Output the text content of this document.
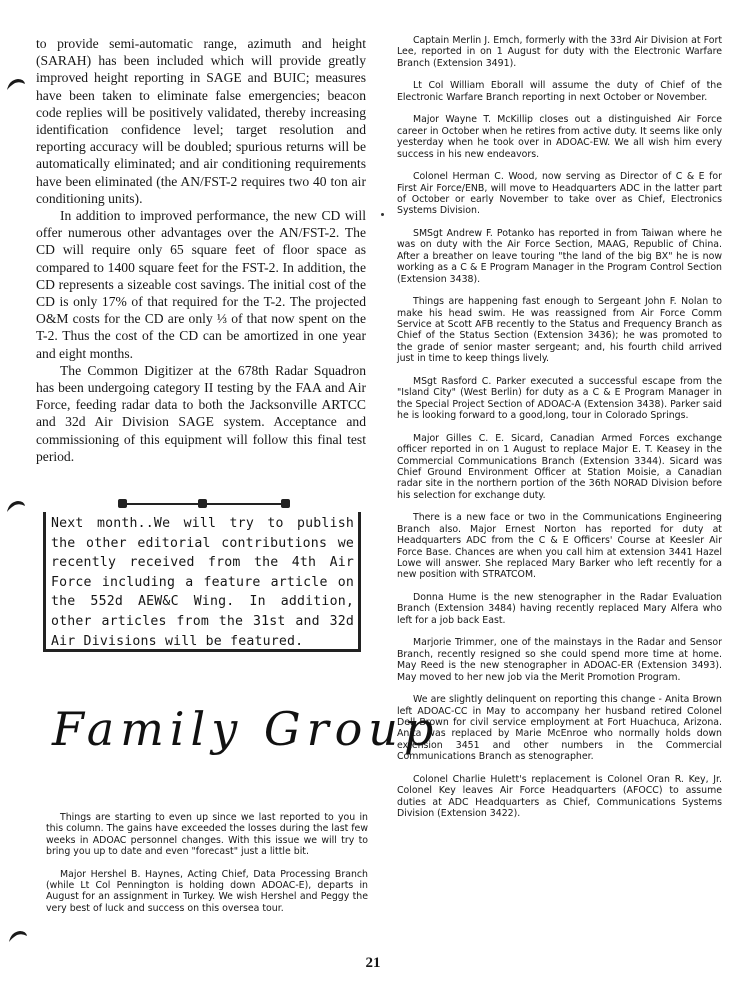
to provide semi-automatic range, azimuth and height (SARAH) has been included which will provide greatly improved height reporting in SAGE and BUIC; measures have been taken to eliminate false emergencies; beacon code replies will be positively validated, thereby increasing identification confidence level; target resolution and reporting accuracy will be doubled; spurious returns will be automatically eliminated; and air conditioning requirements have been eliminated (the AN/FST-2 requires two 40 ton air conditioning units).

In addition to improved performance, the new CD will offer numerous other advantages over the AN/FST-2. The CD will require only 65 square feet of floor space as compared to 1400 square feet for the FST-2. In addition, the CD represents a sizeable cost savings. The initial cost of the CD is only 17% of that required for the T-2. The projected O&M costs for the CD are only ⅓ of that now spent on the T-2. Thus the cost of the CD can be amortized in one year and eight months.

The Common Digitizer at the 678th Radar Squadron has been undergoing category II testing by the FAA and Air Force, feeding radar data to both the Jacksonville ARTCC and 32d Air Division SAGE system. Acceptance and commissioning of this equipment will follow this final test period.

Next month..We will try to publish the other editorial contributions we recently received from the 4th Air Force including a feature article on the 552d AEW&C Wing. In addition, other articles from the 31st and 32d Air Divisions will be featured.
Family Group

Things are starting to even up since we last reported to you in this column. The gains have exceeded the losses during the last few weeks in ADOAC personnel changes. With this issue we will try to bring you up to date and even "forecast" just a little bit.

Major Hershel B. Haynes, Acting Chief, Data Processing Branch (while Lt Col Pennington is holding down ADOAC-E), departs in August for an assignment in Turkey. We wish Hershel and Peggy the very best of luck and success on this oversea tour.

Captain Merlin J. Emch, formerly with the 33rd Air Division at Fort Lee, reported in on 1 August for duty with the Electronic Warfare Branch (Extension 3491).

Lt Col William Eborall will assume the duty of Chief of the Electronic Warfare Branch reporting in next October or November.

Major Wayne T. McKillip closes out a distinguished Air Force career in October when he retires from active duty. It seems like only yesterday when he took over in ADOAC-EW. We all wish him every success in his new endeavors.

Colonel Herman C. Wood, now serving as Director of C & E for First Air Force/ENB, will move to Headquarters ADC in the latter part of October or early November to take over as Chief, Electronics Systems Division.

SMSgt Andrew F. Potanko has reported in from Taiwan where he was on duty with the Air Force Section, MAAG, Republic of China. After a breather on leave touring "the land of the big BX" he is now working as a C & E Program Manager in the Program Control Section (Extension 3438).

Things are happening fast enough to Sergeant John F. Nolan to make his head swim. He was reassigned from Air Force Comm Service at Scott AFB recently to the Status and Frequency Branch as Chief of the Status Section (Extension 3436); he was promoted to the grade of senior master sergeant; and, his fourth child arrived just in time to keep things lively.

MSgt Rasford C. Parker executed a successful escape from the "Island City" (West Berlin) for duty as a C & E Program Manager in the Special Project Section of ADOAC-A (Extension 3438). Parker said he is looking forward to a good,long, tour in Colorado Springs.

Major Gilles C. E. Sicard, Canadian Armed Forces exchange officer reported in on 1 August to replace Major E. T. Keasey in the Commercial Communications Branch (Extension 3344). Sicard was Chief Ground Environment Officer at Station Moisie, a Canadian radar site in the northern portion of the 36th NORAD Division before his selection for exchange duty.

There is a new face or two in the Communications Engineering Branch also. Major Ernest Norton has reported for duty at Headquarters ADC from the C & E Officers' Course at Keesler Air Force Base. Chances are when you call him at extension 3441 Hazel Lowe will answer. She replaced Mary Barker who left recently for a new position with STRATCOM.

Donna Hume is the new stenographer in the Radar Evaluation Branch (Extension 3484) having recently replaced Mary Alfera who left for a job back East.

Marjorie Trimmer, one of the mainstays in the Radar and Sensor Branch, recently resigned so she could spend more time at home. May Reed is the new stenographer in ADOAC-ER (Extension 3493). May moved to her new job via the Merit Promotion Program.

We are slightly delinquent on reporting this change - Anita Brown left ADOAC-CC in May to accompany her husband retired Colonel Dell Brown for civil service employment at Fort Huachuca, Arizona. Anita was replaced by Marie McEnroe who normally holds down extension 3451 and other numbers in the Commercial Communications Branch as stenographer.

Colonel Charlie Hulett's replacement is Colonel Oran R. Key, Jr. Colonel Key leaves Air Force Headquarters (AFOCC) to assume duties at ADC Headquarters as Chief, Communications Systems Division (Extension 3422).

21
